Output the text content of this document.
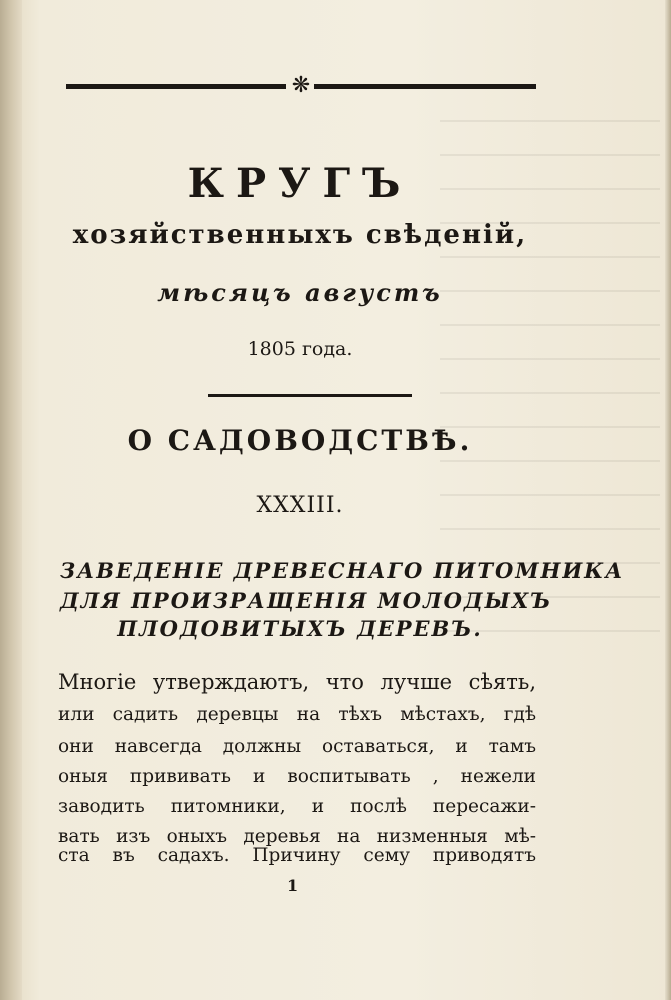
❋
КРУГЪ
хозяйственныхъ свѣденій,
мѣсяцъ августъ
1805 года.
О САДОВОДСТВѢ.
XXXIII.
ЗАВЕДЕНІЕ ДРЕВЕСНАГО ПИТОМНИКА
ДЛЯ ПРОИЗРАЩЕНІЯ МОЛОДЫХЪ
ПЛОДОВИТЫХЪ ДЕРЕВЪ.
Многіе утверждаютъ, что лучше сѣять,
или садить деревцы на тѣхъ мѣстахъ, гдѣ
они навсегда должны оставаться, и тамъ
оныя прививать и воспитывать , нежели
заводить питомники, и послѣ пересажи-
вать изъ оныхъ деревья на низменныя мѣ-
ста въ садахъ. Причину сему приводятъ
1
